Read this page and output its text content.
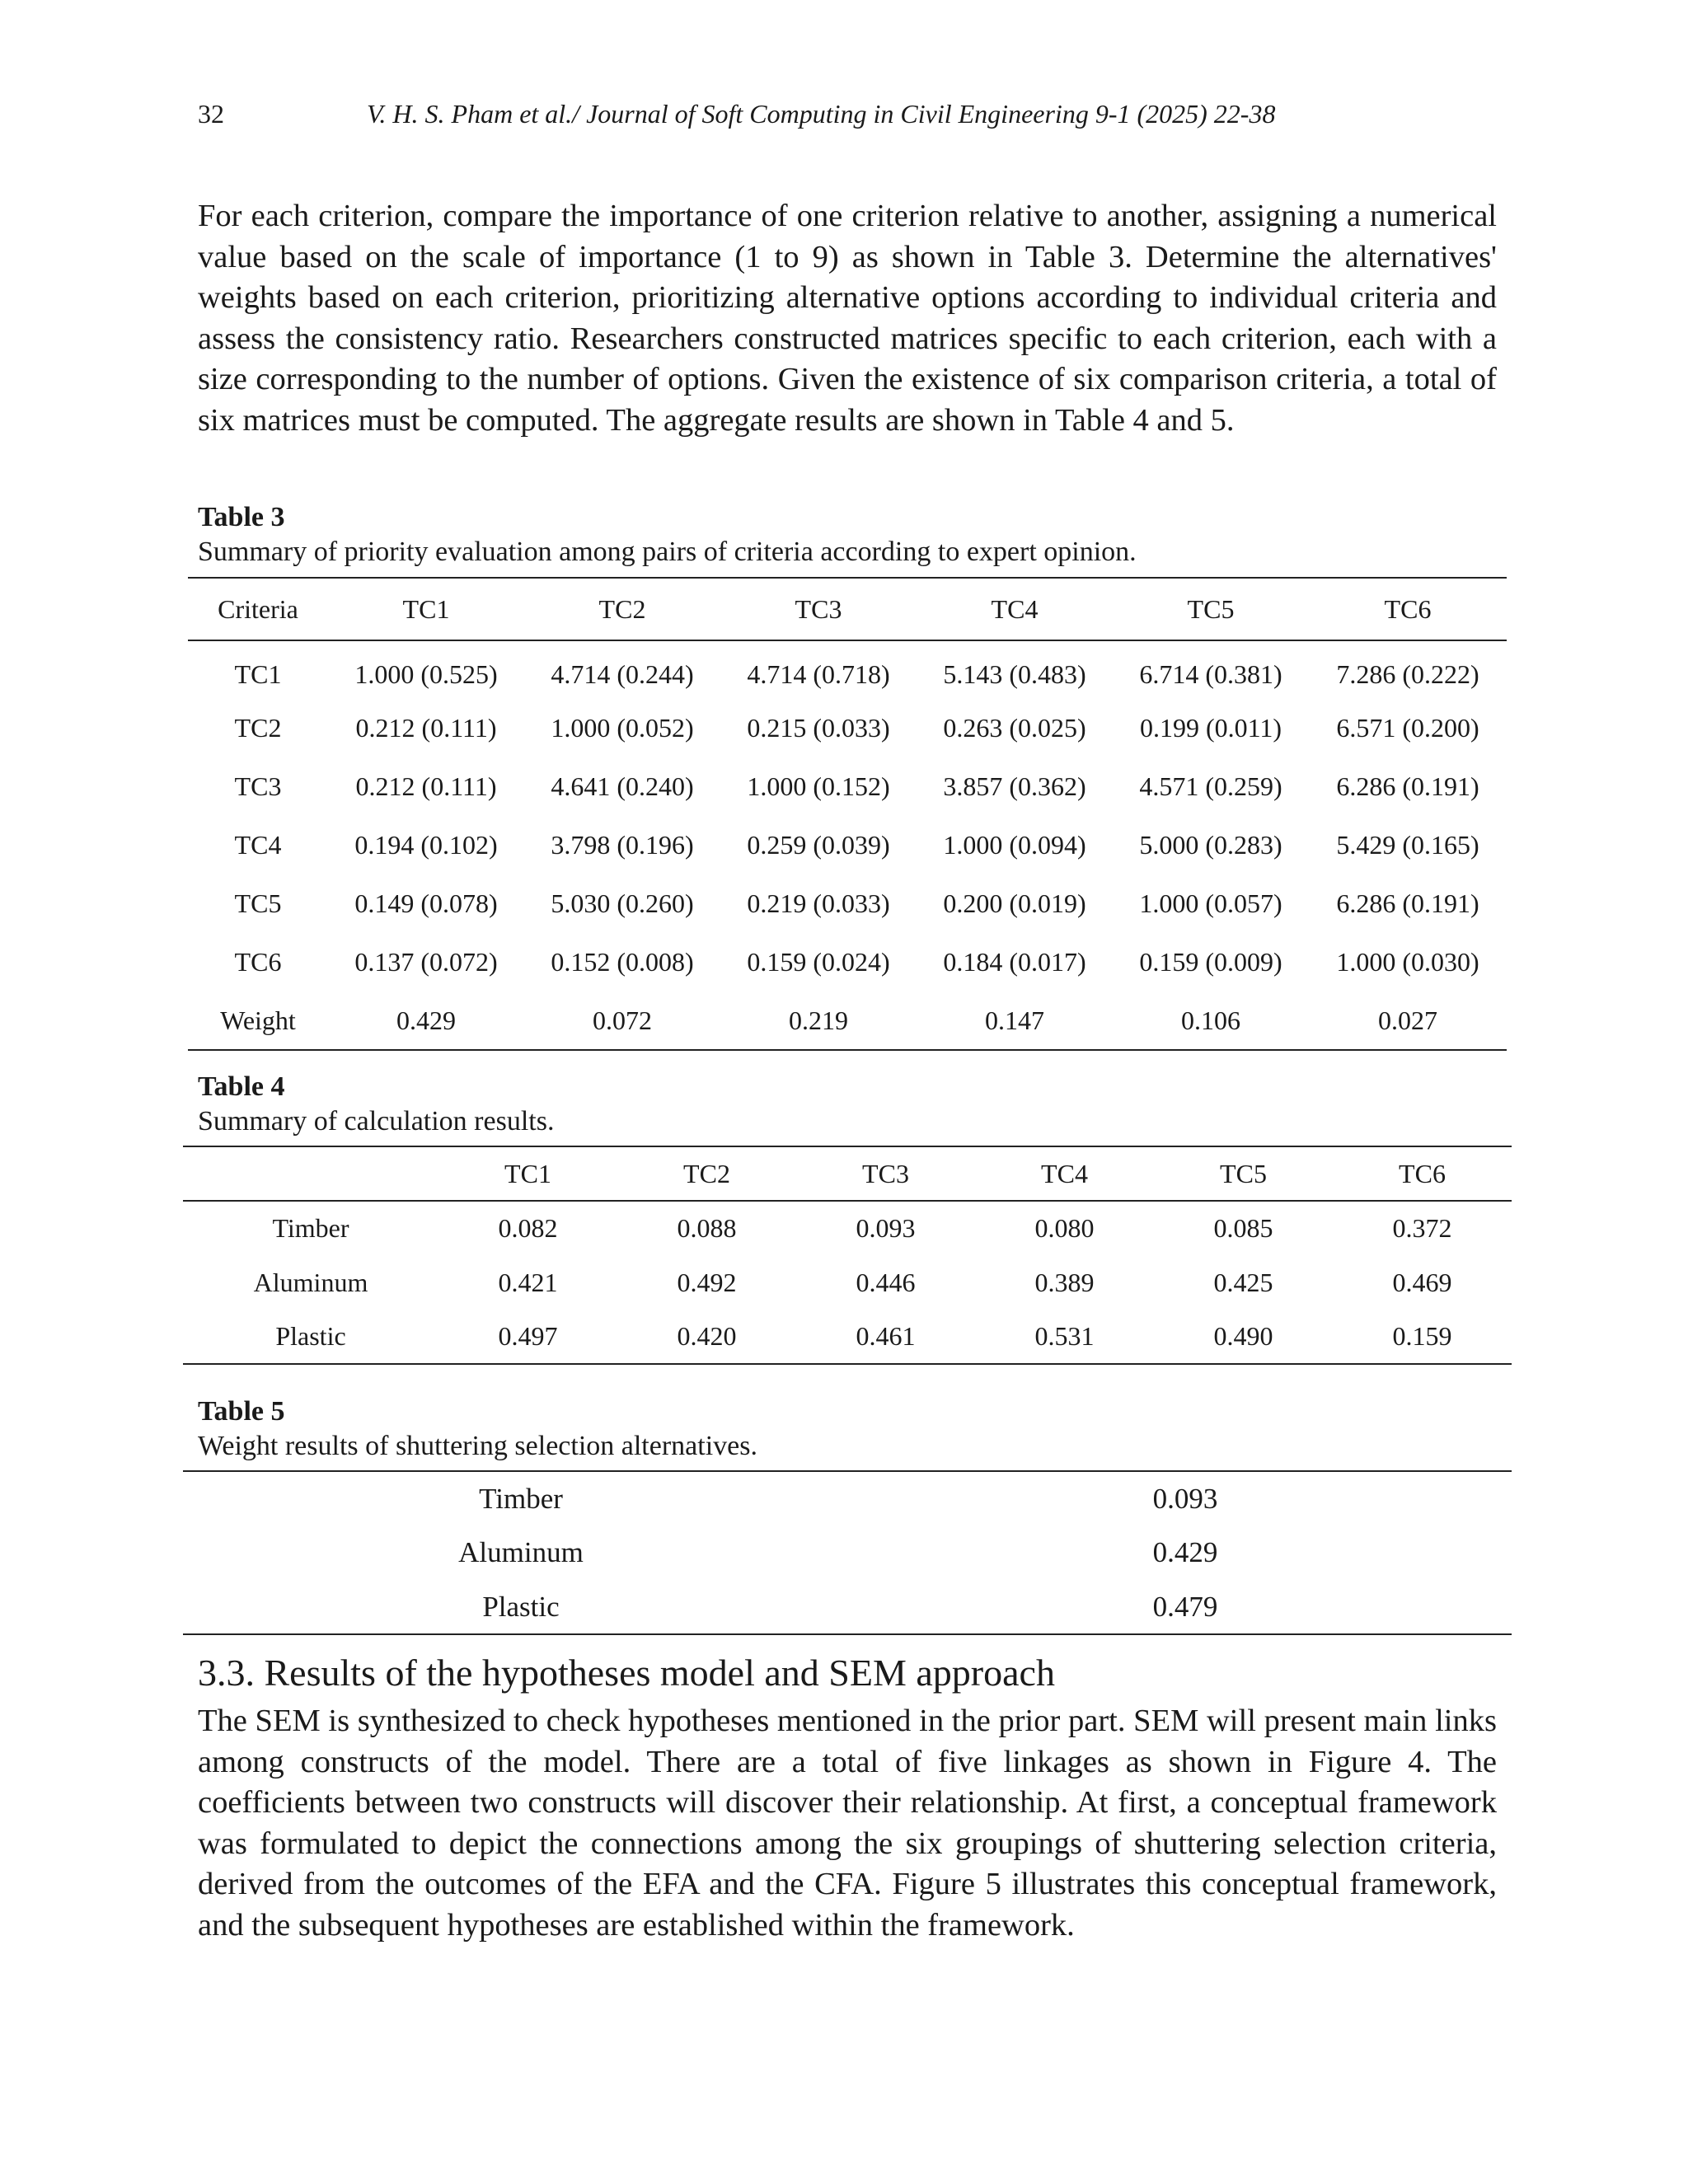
32	V. H. S. Pham et al./ Journal of Soft Computing in Civil Engineering 9-1 (2025) 22-38

For each criterion, compare the importance of one criterion relative to another, assigning a numerical value based on the scale of importance (1 to 9) as shown in Table 3. Determine the alternatives' weights based on each criterion, prioritizing alternative options according to individual criteria and assess the consistency ratio. Researchers constructed matrices specific to each criterion, each with a size corresponding to the number of options. Given the existence of six comparison criteria, a total of six matrices must be computed. The aggregate results are shown in Table 4 and 5.

Table 3
Summary of priority evaluation among pairs of criteria according to expert opinion.
Criteria	TC1	TC2	TC3	TC4	TC5	TC6
TC1	1.000 (0.525)	4.714 (0.244)	4.714 (0.718)	5.143 (0.483)	6.714 (0.381)	7.286 (0.222)
TC2	0.212 (0.111)	1.000 (0.052)	0.215 (0.033)	0.263 (0.025)	0.199 (0.011)	6.571 (0.200)
TC3	0.212 (0.111)	4.641 (0.240)	1.000 (0.152)	3.857 (0.362)	4.571 (0.259)	6.286 (0.191)
TC4	0.194 (0.102)	3.798 (0.196)	0.259 (0.039)	1.000 (0.094)	5.000 (0.283)	5.429 (0.165)
TC5	0.149 (0.078)	5.030 (0.260)	0.219 (0.033)	0.200 (0.019)	1.000 (0.057)	6.286 (0.191)
TC6	0.137 (0.072)	0.152 (0.008)	0.159 (0.024)	0.184 (0.017)	0.159 (0.009)	1.000 (0.030)
Weight	0.429	0.072	0.219	0.147	0.106	0.027
Table 4
Summary of calculation results.
	TC1	TC2	TC3	TC4	TC5	TC6
Timber	0.082	0.088	0.093	0.080	0.085	0.372
Aluminum	0.421	0.492	0.446	0.389	0.425	0.469
Plastic	0.497	0.420	0.461	0.531	0.490	0.159
Table 5
Weight results of shuttering selection alternatives.
Timber	0.093
Aluminum	0.429
Plastic	0.479
3.3. Results of the hypotheses model and SEM approach

The SEM is synthesized to check hypotheses mentioned in the prior part. SEM will present main links among constructs of the model. There are a total of five linkages as shown in Figure 4. The coefficients between two constructs will discover their relationship. At first, a conceptual framework was formulated to depict the connections among the six groupings of shuttering selection criteria, derived from the outcomes of the EFA and the CFA. Figure 5 illustrates this conceptual framework, and the subsequent hypotheses are established within the framework.
